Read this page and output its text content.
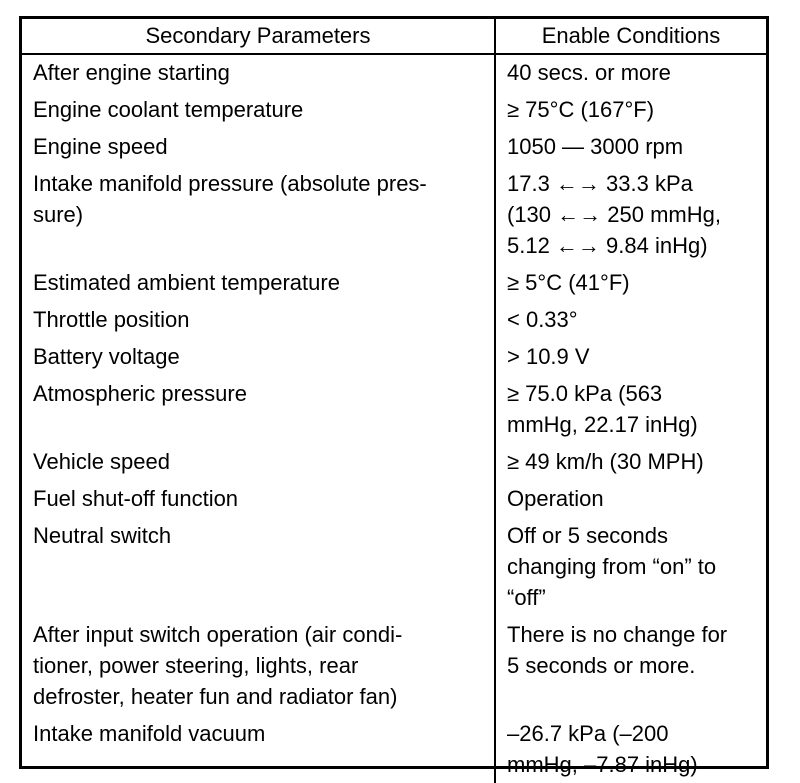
Secondary Parameters	Enable Conditions
After engine starting	40 secs. or more
Engine coolant temperature	≥ 75°C (167°F)
Engine speed	1050 — 3000 rpm
Intake manifold pressure (absolute pres-
sure)	17.3 ←→ 33.3 kPa
(130 ←→ 250 mmHg,
5.12 ←→ 9.84 inHg)
Estimated ambient temperature	≥ 5°C (41°F)
Throttle position	< 0.33°
Battery voltage	> 10.9 V
Atmospheric pressure	≥ 75.0 kPa (563
mmHg, 22.17 inHg)
Vehicle speed	≥ 49 km/h (30 MPH)
Fuel shut-off function	Operation
Neutral switch	Off or 5 seconds
changing from “on” to
“off”
After input switch operation (air condi-
tioner, power steering, lights, rear
defroster, heater fun and radiator fan)	There is no change for
5 seconds or more.
Intake manifold vacuum	–26.7 kPa (–200
mmHg, –7.87 inHg)
